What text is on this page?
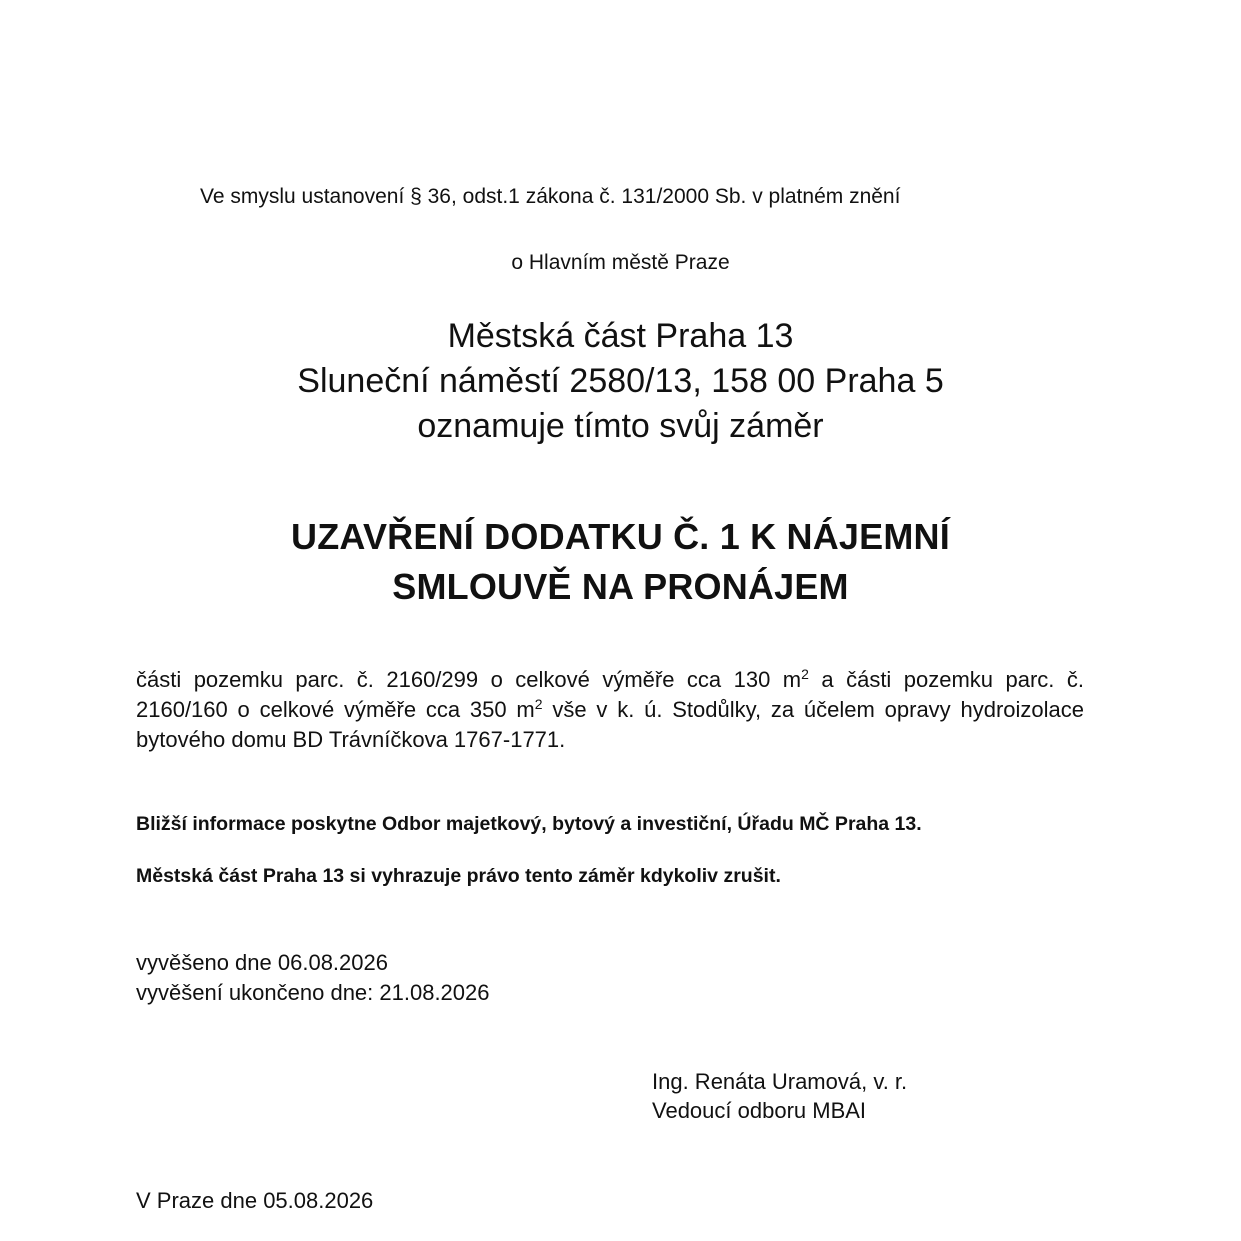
Ve smyslu ustanovení § 36, odst.1 zákona č. 131/2000 Sb. v platném znění

o Hlavním městě Praze

Městská část Praha 13

Sluneční náměstí 2580/13, 158 00 Praha 5

oznamuje tímto svůj záměr

UZAVŘENÍ DODATKU Č. 1 K NÁJEMNÍ
SMLOUVĚ NA PRONÁJEM

části pozemku parc. č. 2160/299 o celkové výměře cca 130 $m^2$ a části pozemku parc. č. 2160/160 o celkové výměře cca 350 $m^2$ vše v k. ú. Stodůlky, za účelem opravy hydroizolace bytového domu BD Trávníčkova 1767-1771.

Bližší informace poskytne Odbor majetkový, bytový a investiční, Úřadu MČ Praha 13.

Městská část Praha 13 si vyhrazuje právo tento záměr kdykoliv zrušit.

vyvěšeno dne 06.08.2026

vyvěšení ukončeno dne: 21.08.2026

Ing. Renáta Uramová, v. r.

Vedoucí odboru MBAI

V Praze dne 05.08.2026
